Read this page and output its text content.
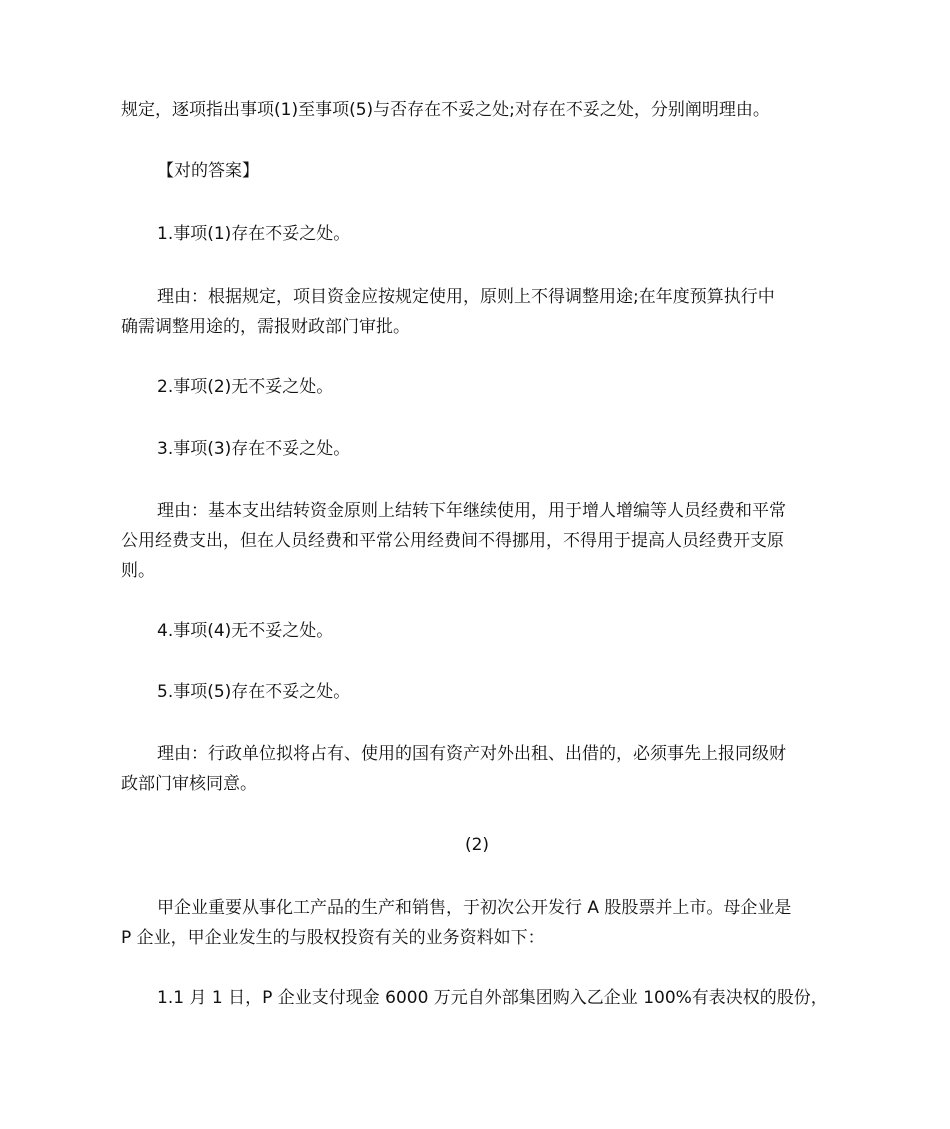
规定，逐项指出事项(1)至事项(5)与否存在不妥之处;对存在不妥之处，分别阐明理由。

【对的答案】

1.事项(1)存在不妥之处。

理由：根据规定，项目资金应按规定使用，原则上不得调整用途;在年度预算执行中
确需调整用途的，需报财政部门审批。

2.事项(2)无不妥之处。

3.事项(3)存在不妥之处。

理由：基本支出结转资金原则上结转下年继续使用，用于增人增编等人员经费和平常
公用经费支出，但在人员经费和平常公用经费间不得挪用，不得用于提高人员经费开支原
则。

4.事项(4)无不妥之处。

5.事项(5)存在不妥之处。

理由：行政单位拟将占有、使用的国有资产对外出租、出借的，必须事先上报同级财
政部门审核同意。

(2)

甲企业重要从事化工产品的生产和销售，于初次公开发行 A 股股票并上市。母企业是
P 企业，甲企业发生的与股权投资有关的业务资料如下：

1.1 月 1 日，P 企业支付现金 6000 万元自外部集团购入乙企业 100%有表决权的股份，
